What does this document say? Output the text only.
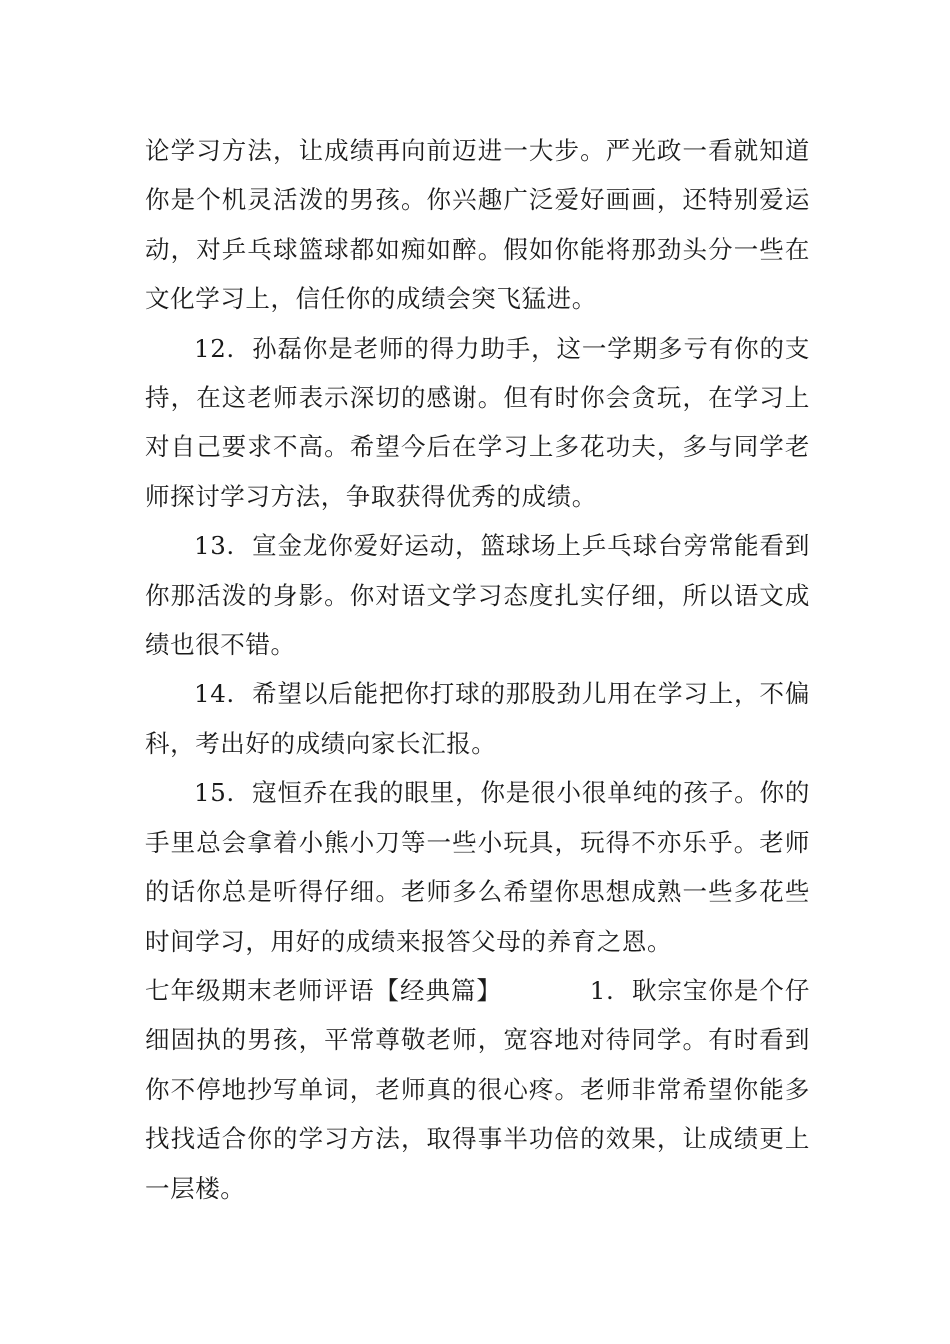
论学习方法，让成绩再向前迈进一大步。严光政一看就知道你是个机灵活泼的男孩。你兴趣广泛爱好画画，还特别爱运动，对乒乓球篮球都如痴如醉。假如你能将那劲头分一些在文化学习上，信任你的成绩会突飞猛进。

12. 孙磊你是老师的得力助手，这一学期多亏有你的支持，在这老师表示深切的感谢。但有时你会贪玩，在学习上对自己要求不高。希望今后在学习上多花功夫，多与同学老师探讨学习方法，争取获得优秀的成绩。

13. 宣金龙你爱好运动，篮球场上乒乓球台旁常能看到你那活泼的身影。你对语文学习态度扎实仔细，所以语文成绩也很不错。

14. 希望以后能把你打球的那股劲儿用在学习上，不偏科，考出好的成绩向家长汇报。

15. 寇恒乔在我的眼里，你是很小很单纯的孩子。你的手里总会拿着小熊小刀等一些小玩具，玩得不亦乐乎。老师的话你总是听得仔细。老师多么希望你思想成熟一些多花些时间学习，用好的成绩来报答父母的养育之恩。

七年级期末老师评语【经典篇】	1. 耿宗宝你是个仔细固执的男孩，平常尊敬老师，宽容地对待同学。有时看到你不停地抄写单词，老师真的很心疼。老师非常希望你能多找找适合你的学习方法，取得事半功倍的效果，让成绩更上一层楼。
